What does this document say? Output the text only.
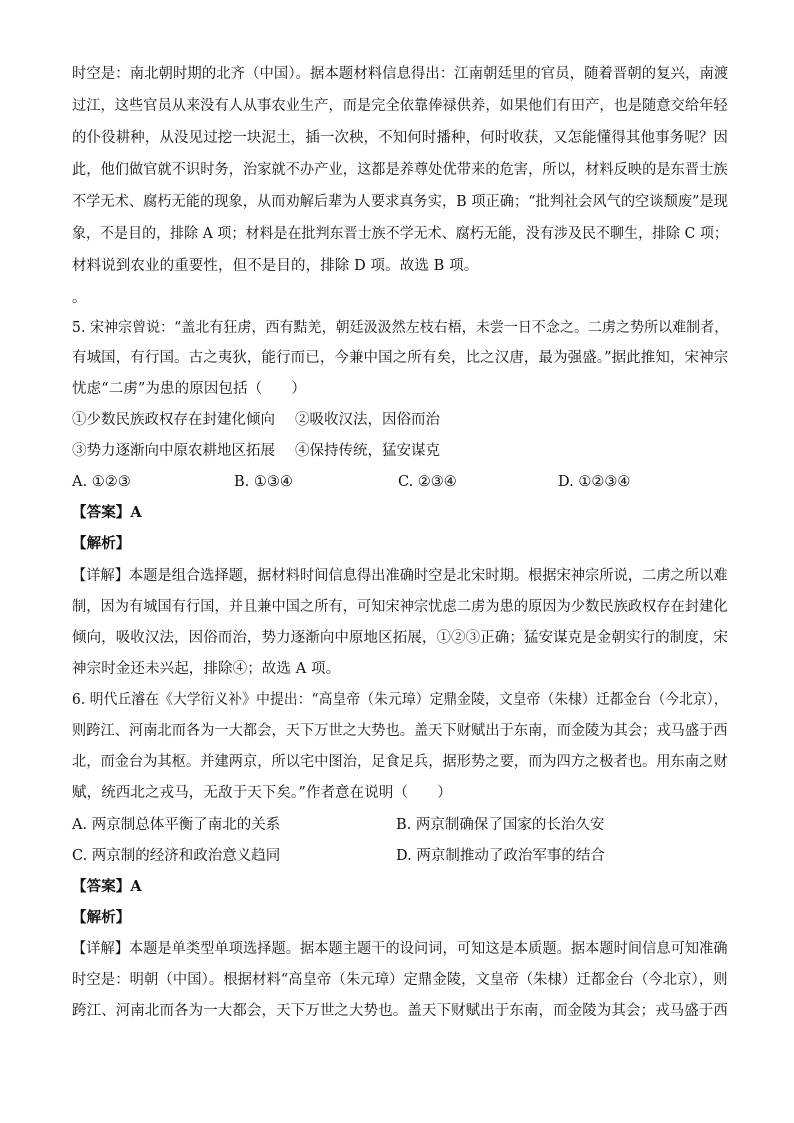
时空是：南北朝时期的北齐（中国）。据本题材料信息得出：江南朝廷里的官员，随着晋朝的复兴，南渡
过江，这些官员从来没有人从事农业生产，而是完全依靠俸禄供养，如果他们有田产，也是随意交给年轻
的仆役耕种，从没见过挖一块泥土，插一次秧，不知何时播种，何时收获，又怎能懂得其他事务呢？因
此，他们做官就不识时务，治家就不办产业，这都是养尊处优带来的危害，所以，材料反映的是东晋士族
不学无术、腐朽无能的现象，从而劝解后辈为人要求真务实，B 项正确；“批判社会风气的空谈颓废”是现
象，不是目的，排除 A 项；材料是在批判东晋士族不学无术、腐朽无能，没有涉及民不聊生，排除 C 项；
材料说到农业的重要性，但不是目的，排除 D 项。故选 B 项。
。
5. 宋神宗曾说：“盖北有狂虏，西有黠羌，朝廷汲汲然左枝右梧，未尝一日不念之。二虏之势所以难制者，
有城国，有行国。古之夷狄，能行而已，今兼中国之所有矣，比之汉唐，最为强盛。”据此推知，宋神宗
忧虑“二虏”为患的原因包括（　　）
①少数民族政权存在封建化倾向 ②吸收汉法，因俗而治
③势力逐渐向中原农耕地区拓展 ④保持传统，猛安谋克
A. ①②③	B. ①③④	C. ②③④	D. ①②③④
【答案】A
【解析】
【详解】本题是组合选择题，据材料时间信息得出准确时空是北宋时期。根据宋神宗所说，二虏之所以难
制，因为有城国有行国，并且兼中国之所有，可知宋神宗忧虑二虏为患的原因为少数民族政权存在封建化
倾向，吸收汉法，因俗而治，势力逐渐向中原地区拓展，①②③正确；猛安谋克是金朝实行的制度，宋
神宗时金还未兴起，排除④；故选 A 项。
6. 明代丘濬在《大学衍义补》中提出：“高皇帝（朱元璋）定鼎金陵，文皇帝（朱棣）迁都金台（今北京），
则跨江、河南北而各为一大都会，天下万世之大势也。盖天下财赋出于东南，而金陵为其会；戎马盛于西
北，而金台为其枢。并建两京，所以宅中图治，足食足兵，据形势之要，而为四方之极者也。用东南之财
赋，统西北之戎马，无敌于天下矣。”作者意在说明（　　）
A. 两京制总体平衡了南北的关系	B. 两京制确保了国家的长治久安
C. 两京制的经济和政治意义趋同	D. 两京制推动了政治军事的结合
【答案】A
【解析】
【详解】本题是单类型单项选择题。据本题主题干的设问词，可知这是本质题。据本题时间信息可知准确
时空是：明朝（中国）。根据材料“高皇帝（朱元璋）定鼎金陵，文皇帝（朱棣）迁都金台（今北京），则
跨江、河南北而各为一大都会，天下万世之大势也。盖天下财赋出于东南，而金陵为其会；戎马盛于西
